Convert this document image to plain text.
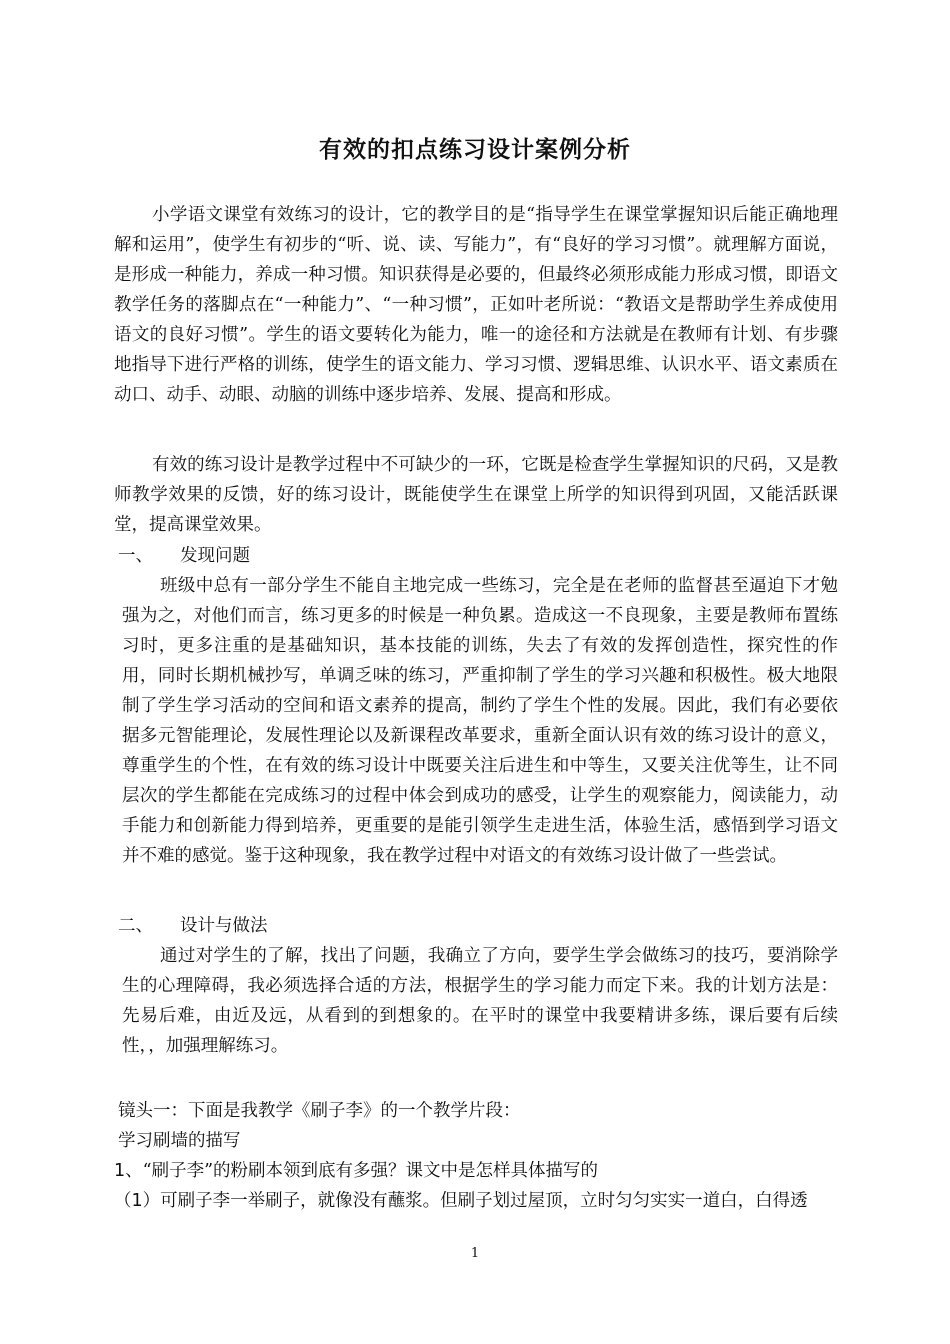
有效的扣点练习设计案例分析
小学语文课堂有效练习的设计，它的教学目的是“指导学生在课堂掌握知识后能正确地理解和运用”，使学生有初步的“听、说、读、写能力”，有“良好的学习习惯”。就理解方面说，是形成一种能力，养成一种习惯。知识获得是必要的，但最终必须形成能力形成习惯，即语文教学任务的落脚点在“一种能力”、“一种习惯”，正如叶老所说：“教语文是帮助学生养成使用语文的良好习惯”。学生的语文要转化为能力，唯一的途径和方法就是在教师有计划、有步骤地指导下进行严格的训练，使学生的语文能力、学习习惯、逻辑思维、认识水平、语文素质在动口、动手、动眼、动脑的训练中逐步培养、发展、提高和形成。
有效的练习设计是教学过程中不可缺少的一环，它既是检查学生掌握知识的尺码，又是教师教学效果的反馈，好的练习设计，既能使学生在课堂上所学的知识得到巩固，又能活跃课堂，提高课堂效果。
一、 发现问题
班级中总有一部分学生不能自主地完成一些练习，完全是在老师的监督甚至逼迫下才勉强为之，对他们而言，练习更多的时候是一种负累。造成这一不良现象，主要是教师布置练习时，更多注重的是基础知识，基本技能的训练，失去了有效的发挥创造性，探究性的作用，同时长期机械抄写，单调乏味的练习，严重抑制了学生的学习兴趣和积极性。极大地限制了学生学习活动的空间和语文素养的提高，制约了学生个性的发展。因此，我们有必要依据多元智能理论，发展性理论以及新课程改革要求，重新全面认识有效的练习设计的意义，尊重学生的个性，在有效的练习设计中既要关注后进生和中等生，又要关注优等生，让不同层次的学生都能在完成练习的过程中体会到成功的感受，让学生的观察能力，阅读能力，动手能力和创新能力得到培养，更重要的是能引领学生走进生活，体验生活，感悟到学习语文并不难的感觉。鉴于这种现象，我在教学过程中对语文的有效练习设计做了一些尝试。
二、 设计与做法
通过对学生的了解，找出了问题，我确立了方向，要学生学会做练习的技巧，要消除学生的心理障碍，我必须选择合适的方法，根据学生的学习能力而定下来。我的计划方法是：先易后难，由近及远，从看到的到想象的。在平时的课堂中我要精讲多练，课后要有后续性，，加强理解练习。
镜头一：下面是我教学《刷子李》的一个教学片段：
学习刷墙的描写
1、“刷子李”的粉刷本领到底有多强？课文中是怎样具体描写的
（1）可刷子李一举刷子，就像没有蘸浆。但刷子划过屋顶，立时匀匀实实一道白，白得透
1
